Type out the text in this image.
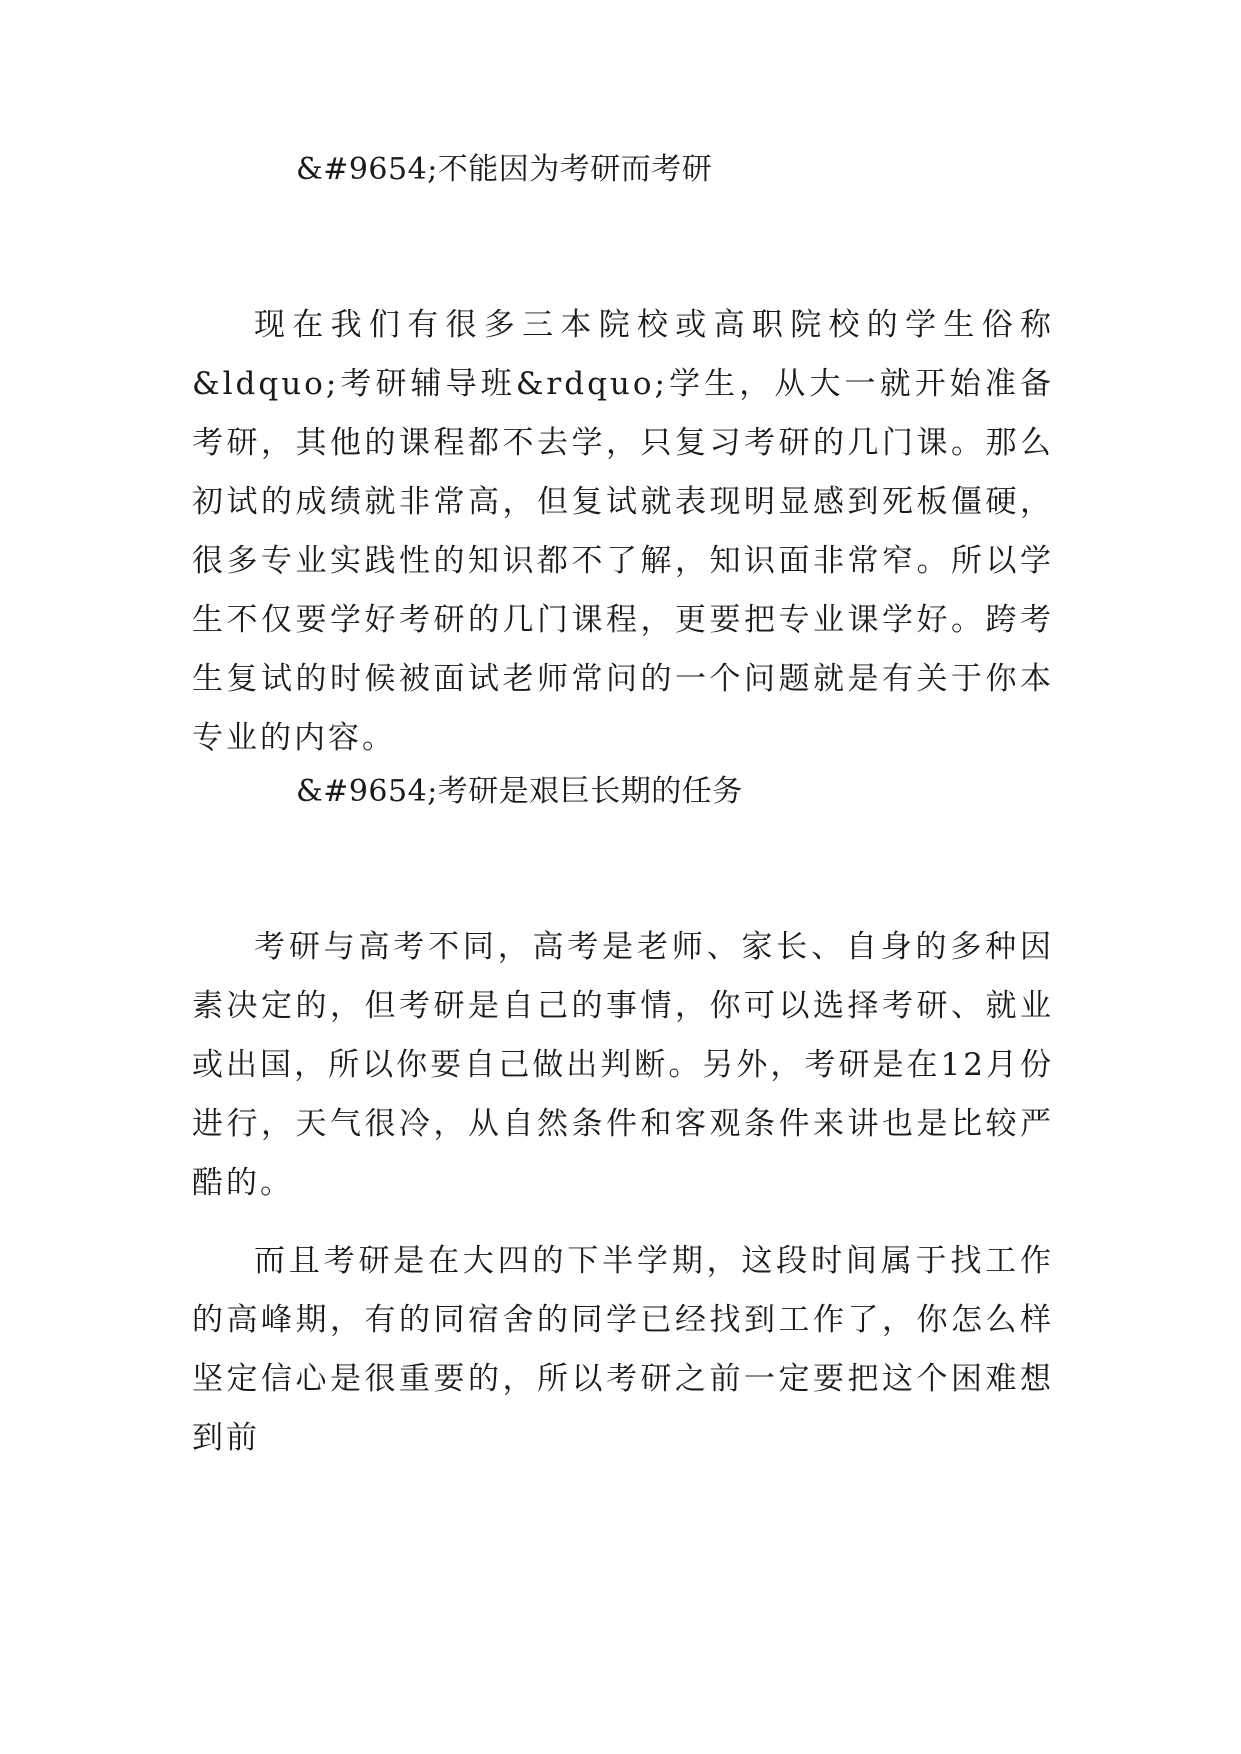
&#9654;不能因为考研而考研

现在我们有很多三本院校或高职院校的学生俗称&ldquo;考研辅导班&rdquo;学生，从大一就开始准备考研，其他的课程都不去学，只复习考研的几门课。那么初试的成绩就非常高，但复试就表现明显感到死板僵硬，很多专业实践性的知识都不了解，知识面非常窄。所以学生不仅要学好考研的几门课程，更要把专业课学好。跨考生复试的时候被面试老师常问的一个问题就是有关于你本专业的内容。

&#9654;考研是艰巨长期的任务

考研与高考不同，高考是老师、家长、自身的多种因素决定的，但考研是自己的事情，你可以选择考研、就业或出国，所以你要自己做出判断。另外，考研是在12月份进行，天气很冷，从自然条件和客观条件来讲也是比较严酷的。

而且考研是在大四的下半学期，这段时间属于找工作的高峰期，有的同宿舍的同学已经找到工作了，你怎么样坚定信心是很重要的，所以考研之前一定要把这个困难想到前
